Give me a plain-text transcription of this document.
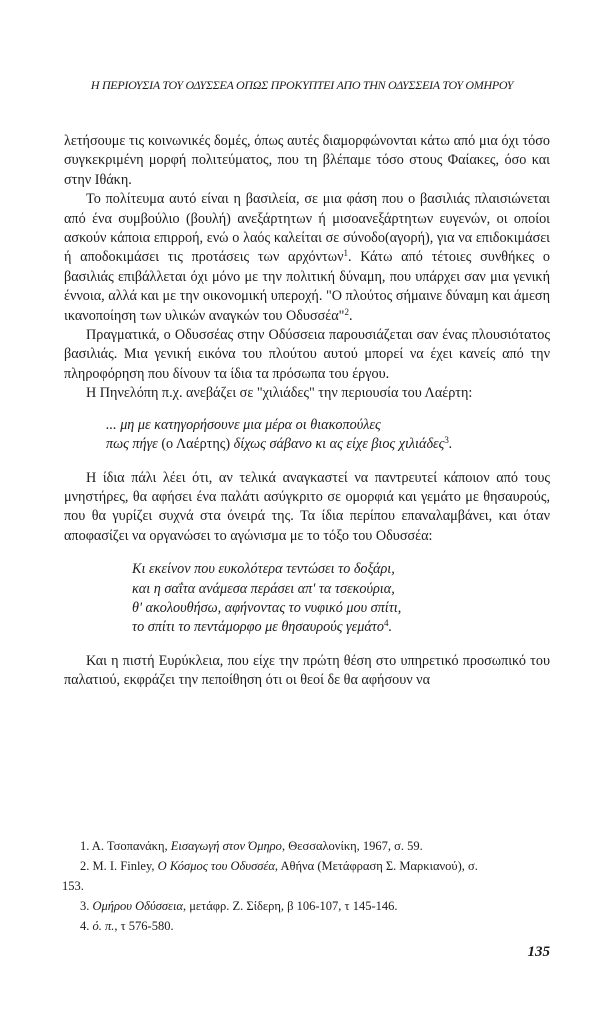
Η ΠΕΡΙΟΥΣΙΑ ΤΟΥ ΟΔΥΣΣΕΑ ΟΠΩΣ ΠΡΟΚΥΠΤΕΙ ΑΠΟ ΤΗΝ ΟΔΥΣΣΕΙΑ ΤΟΥ ΟΜΗΡΟΥ

λετήσουμε τις κοινωνικές δομές, όπως αυτές διαμορφώνονται κάτω από μια όχι τόσο συγκεκριμένη μορφή πολιτεύματος, που τη βλέπαμε τόσο στους Φαίακες, όσο και στην Ιθάκη.

Το πολίτευμα αυτό είναι η βασιλεία, σε μια φάση που ο βασιλιάς πλαισιώνεται από ένα συμβούλιο (βουλή) ανεξάρτητων ή μισοανεξάρτητων ευγενών, οι οποίοι ασκούν κάποια επιρροή, ενώ ο λαός καλείται σε σύνοδο(αγορή), για να επιδοκιμάσει ή αποδοκιμάσει τις προτάσεις των αρχόντων$^1$. Κάτω από τέτοιες συνθήκες ο βασιλιάς επιβάλλεται όχι μόνο με την πολιτική δύναμη, που υπάρχει σαν μια γενική έννοια, αλλά και με την οικονομική υπεροχή. "Ο πλούτος σήμαινε δύναμη και άμεση ικανοποίηση των υλικών αναγκών του Οδυσσέα"$^2$.

Πραγματικά, ο Οδυσσέας στην Οδύσσεια παρουσιάζεται σαν ένας πλουσιότατος βασιλιάς. Μια γενική εικόνα του πλούτου αυτού μπορεί να έχει κανείς από την πληροφόρηση που δίνουν τα ίδια τα πρόσωπα του έργου.

Η Πηνελόπη π.χ. ανεβάζει σε "χιλιάδες" την περιουσία του Λαέρτη:

... μη με κατηγορήσουνε μια μέρα οι θιακοπούλες
πως πήγε (ο Λαέρτης) δίχως σάβανο κι ας είχε βιος χιλιάδες$^3$.

Η ίδια πάλι λέει ότι, αν τελικά αναγκαστεί να παντρευτεί κάποιον από τους μνηστήρες, θα αφήσει ένα παλάτι ασύγκριτο σε ομορφιά και γεμάτο με θησαυρούς, που θα γυρίζει συχνά στα όνειρά της. Τα ίδια περίπου επαναλαμβάνει, και όταν αποφασίζει να οργανώσει το αγώνισμα με το τόξο του Οδυσσέα:

Κι εκείνον που ευκολότερα τεντώσει το δοξάρι,
και η σαΐτα ανάμεσα περάσει απ' τα τσεκούρια,
θ' ακολουθήσω, αφήνοντας το νυφικό μου σπίτι,
το σπίτι το πεντάμορφο με θησαυρούς γεμάτο$^4$.

Και η πιστή Ευρύκλεια, που είχε την πρώτη θέση στο υπηρετικό προσωπικό του παλατιού, εκφράζει την πεποίθηση ότι οι θεοί δε θα αφήσουν να

1. Α. Τσοπανάκη, Εισαγωγή στον Όμηρο, Θεσσαλονίκη, 1967, σ. 59.
2. Μ. Ι. Finley, Ο Κόσμος του Οδυσσέα, Αθήνα (Μετάφραση Σ. Μαρκιανού), σ.
153.
3. Ομήρου Οδύσσεια, μετάφρ. Ζ. Σίδερη, β 106-107, τ 145-146.
4. ό. π., τ 576-580.
135
